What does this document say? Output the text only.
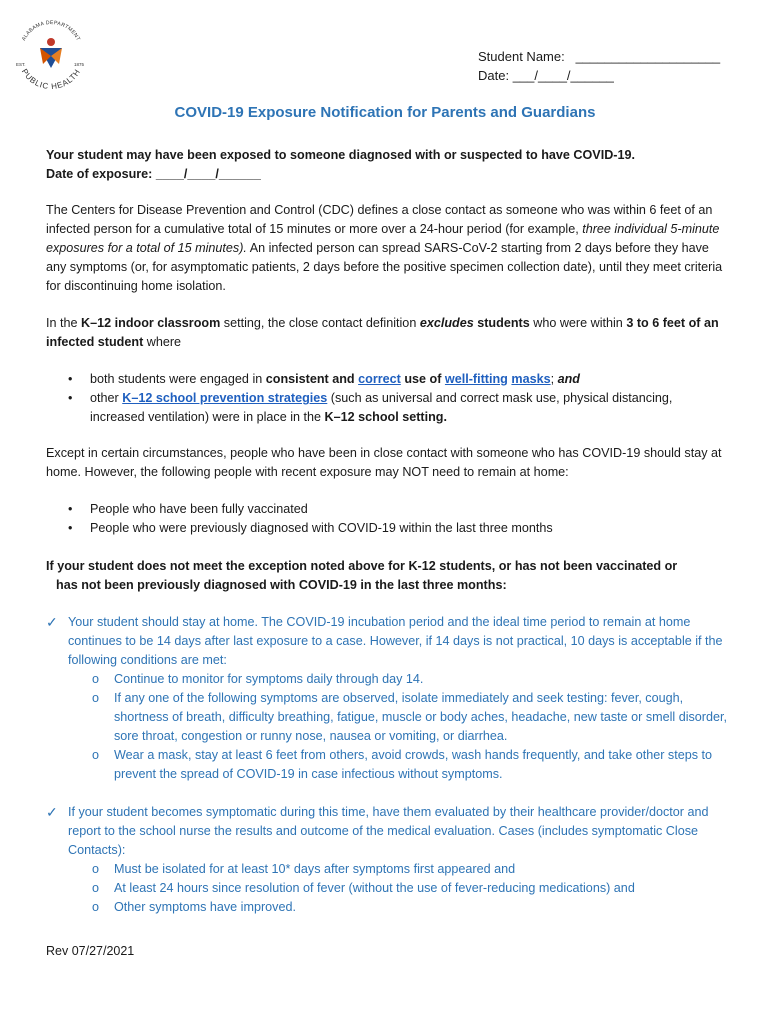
ALABAMA DEPARTMENT
PUBLIC HEALTH
EST.	1875
Student Name: ____________________
Date: ___/____/______
COVID-19 Exposure Notification for Parents and Guardians
Your student may have been exposed to someone diagnosed with or suspected to have COVID-19.
Date of exposure: ____/____/______
The Centers for Disease Prevention and Control (CDC) defines a close contact as someone who was within 6 feet of an infected person for a cumulative total of 15 minutes or more over a 24-hour period (for example, three individual 5-minute exposures for a total of 15 minutes). An infected person can spread SARS-CoV-2 starting from 2 days before they have any symptoms (or, for asymptomatic patients, 2 days before the positive specimen collection date), until they meet criteria for discontinuing home isolation.
In the K–12 indoor classroom setting, the close contact definition excludes students who were within 3 to 6 feet of an infected student where
• both students were engaged in consistent and correct use of well-fitting masks; and
• other K–12 school prevention strategies (such as universal and correct mask use, physical distancing, increased ventilation) were in place in the K–12 school setting.
Except in certain circumstances, people who have been in close contact with someone who has COVID-19 should stay at home. However, the following people with recent exposure may NOT need to remain at home:
• People who have been fully vaccinated
• People who were previously diagnosed with COVID-19 within the last three months
If your student does not meet the exception noted above for K-12 students, or has not been vaccinated or
has not been previously diagnosed with COVID-19 in the last three months:
✓ Your student should stay at home. The COVID-19 incubation period and the ideal time period to remain at home continues to be 14 days after last exposure to a case. However, if 14 days is not practical, 10 days is acceptable if the following conditions are met:
o Continue to monitor for symptoms daily through day 14.
o If any one of the following symptoms are observed, isolate immediately and seek testing: fever, cough, shortness of breath, difficulty breathing, fatigue, muscle or body aches, headache, new taste or smell disorder, sore throat, congestion or runny nose, nausea or vomiting, or diarrhea.
o Wear a mask, stay at least 6 feet from others, avoid crowds, wash hands frequently, and take other steps to prevent the spread of COVID-19 in case infectious without symptoms.
✓ If your student becomes symptomatic during this time, have them evaluated by their healthcare provider/doctor and report to the school nurse the results and outcome of the medical evaluation. Cases (includes symptomatic Close Contacts):
o Must be isolated for at least 10* days after symptoms first appeared and
o At least 24 hours since resolution of fever (without the use of fever-reducing medications) and
o Other symptoms have improved.
Rev 07/27/2021
